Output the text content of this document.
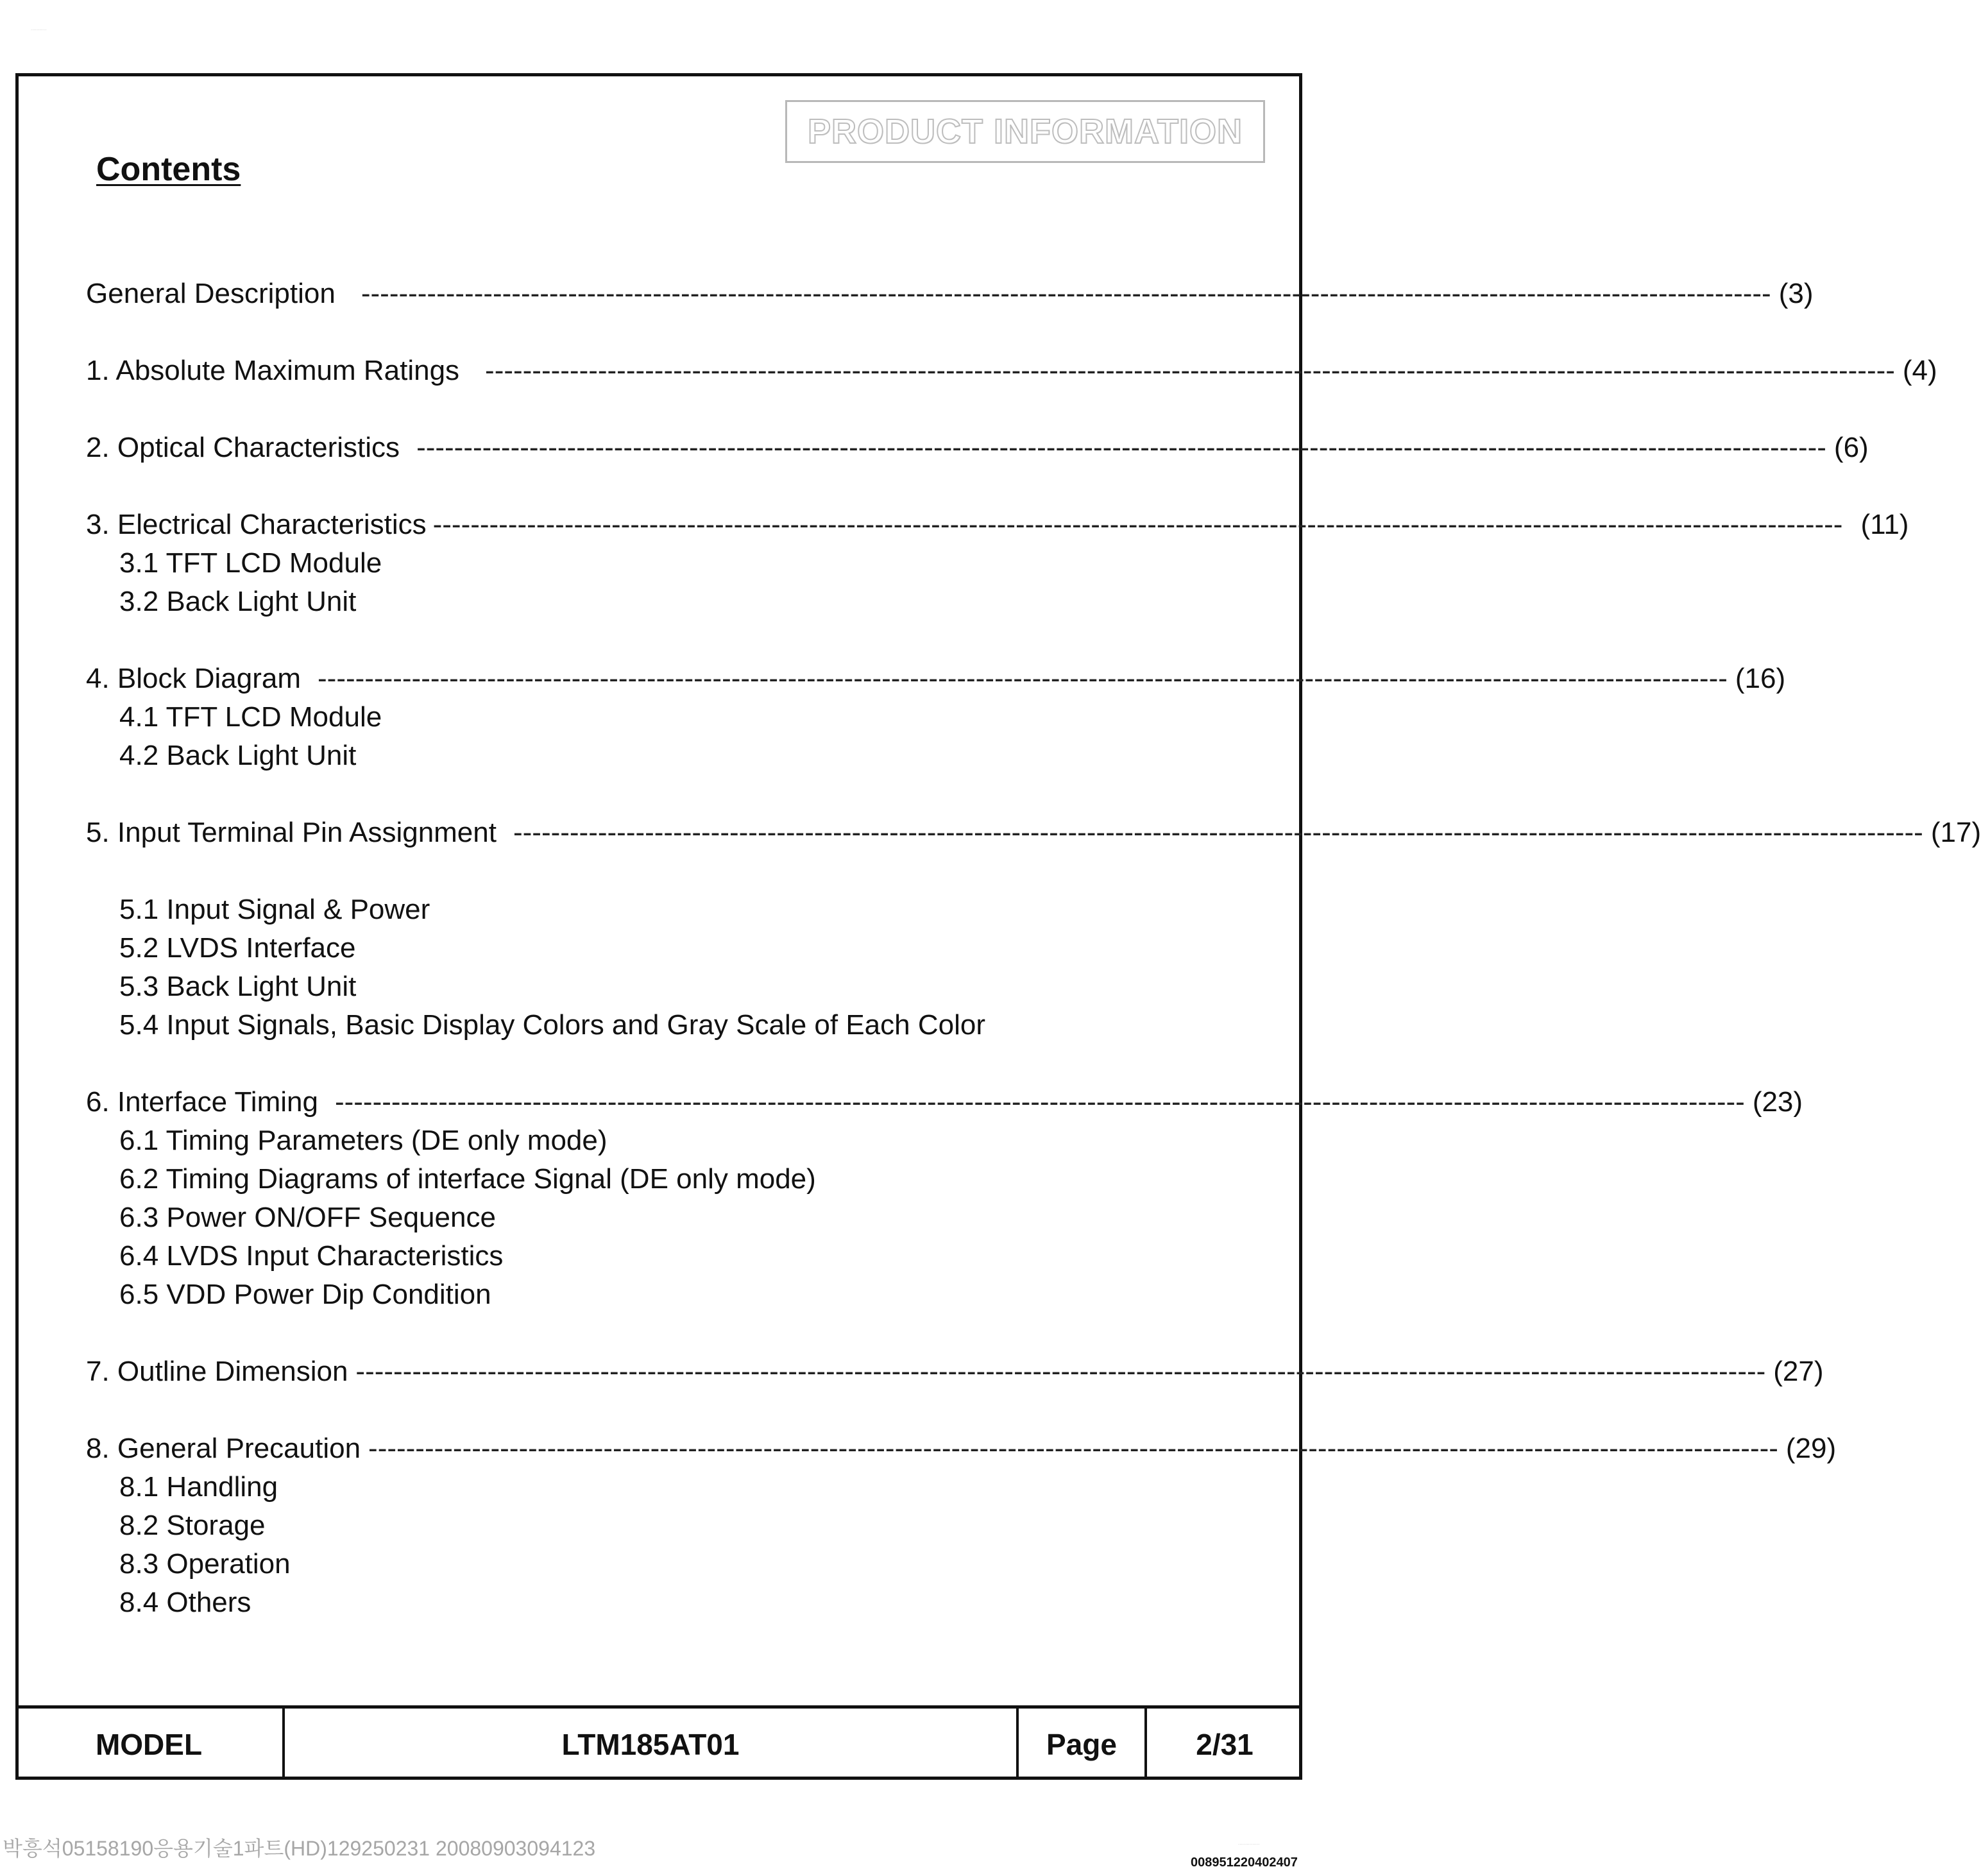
...........
PRODUCT INFORMATION
Contents
General Description ------------------------------------------------------------------------------------------------------------------------------------------------------ (3)
1. Absolute Maximum Ratings ------------------------------------------------------------------------------------------------------------------------------------------------------ (4)
2. Optical Characteristics ------------------------------------------------------------------------------------------------------------------------------------------------------ (6)
3. Electrical Characteristics ------------------------------------------------------------------------------------------------------------------------------------------------------ (11)
3.1 TFT LCD Module
3.2 Back Light Unit
4. Block Diagram ------------------------------------------------------------------------------------------------------------------------------------------------------ (16)
4.1 TFT LCD Module
4.2 Back Light Unit
5. Input Terminal Pin Assignment ------------------------------------------------------------------------------------------------------------------------------------------------------ (17)
5.1 Input Signal & Power
5.2 LVDS Interface
5.3 Back Light Unit
5.4 Input Signals, Basic Display Colors and Gray Scale of Each Color
6. Interface Timing ------------------------------------------------------------------------------------------------------------------------------------------------------ (23)
6.1 Timing Parameters (DE only mode)
6.2 Timing Diagrams of interface Signal (DE only mode)
6.3 Power ON/OFF Sequence
6.4 LVDS Input Characteristics
6.5 VDD Power Dip Condition
7. Outline Dimension ------------------------------------------------------------------------------------------------------------------------------------------------------ (27)
8. General Precaution ------------------------------------------------------------------------------------------------------------------------------------------------------ (29)
8.1 Handling
8.2 Storage
8.3 Operation
8.4 Others
MODEL	LTM185AT01	Page	2/31
박흥석05158190응용기술1파트(HD)129250231 20080903094123	...............
008951220402407
